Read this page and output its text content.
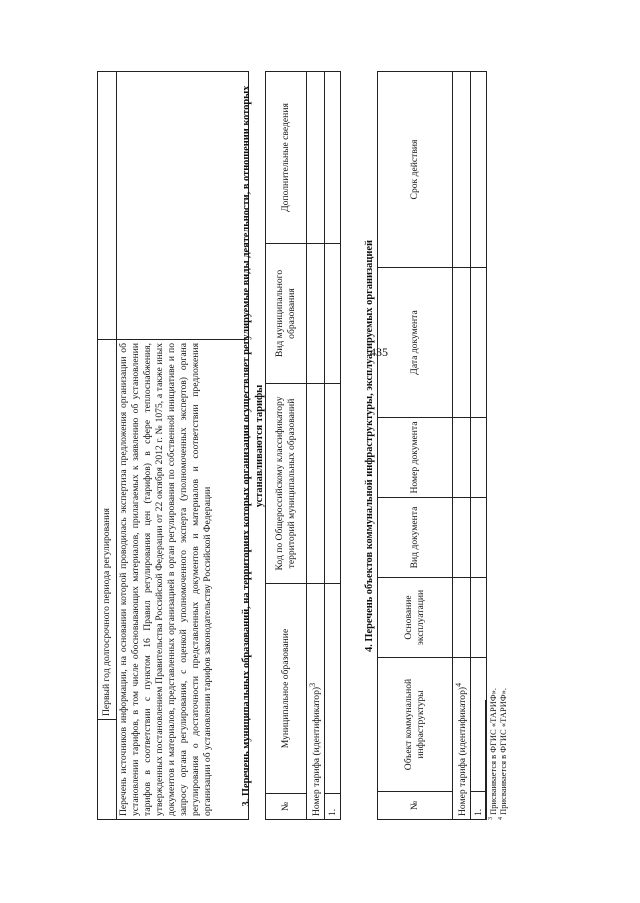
435
	Первый год долгосрочного периода регулирования	
Перечень источников информации, на основании которой проводилась экспертиза предложения организации об установлении тарифов, в том числе обосновывающих материалов, прилагаемых к заявлению об установлении тарифов в соответствии с пунктом 16 Правил регулирования цен (тарифов) в сфере теплоснабжения, утвержденных постановлением Правительства Российской Федерации от 22 октября 2012 г. № 1075, а также иных документов и материалов, представленных организацией в орган регулирования по собственной инициативе и по запросу органа регулирования, с оценкой уполномоченного эксперта (уполномоченных экспертов) органа регулирования о достаточности представленных документов и материалов и соответствии предложения организации об установлении тарифов законодательству Российской Федерации			3. Перечень муниципальных образований, на территориях которых организация осуществляет регулируемые виды деятельности, в отношении которых устанавливаются тарифы
№	Муниципальное образование	Код по Общероссийскому классификатору территорий муниципальных образований	Вид муниципального образования	Дополнительные сведения
Номер тарифа (идентификатор)$^3$			
1.				
4. Перечень объектов коммунальной инфраструктуры, эксплуатируемых организацией
№	Объект коммунальной инфраструктуры	Основание эксплуатации	Вид документа	Номер документа	Дата документа	Срок действия
Номер тарифа (идентификатор)$^4$					
1.						
$^3$ Присваивается в ФГИС «ТАРИФ».
$^4$ Присваивается в ФГИС «ТАРИФ».
